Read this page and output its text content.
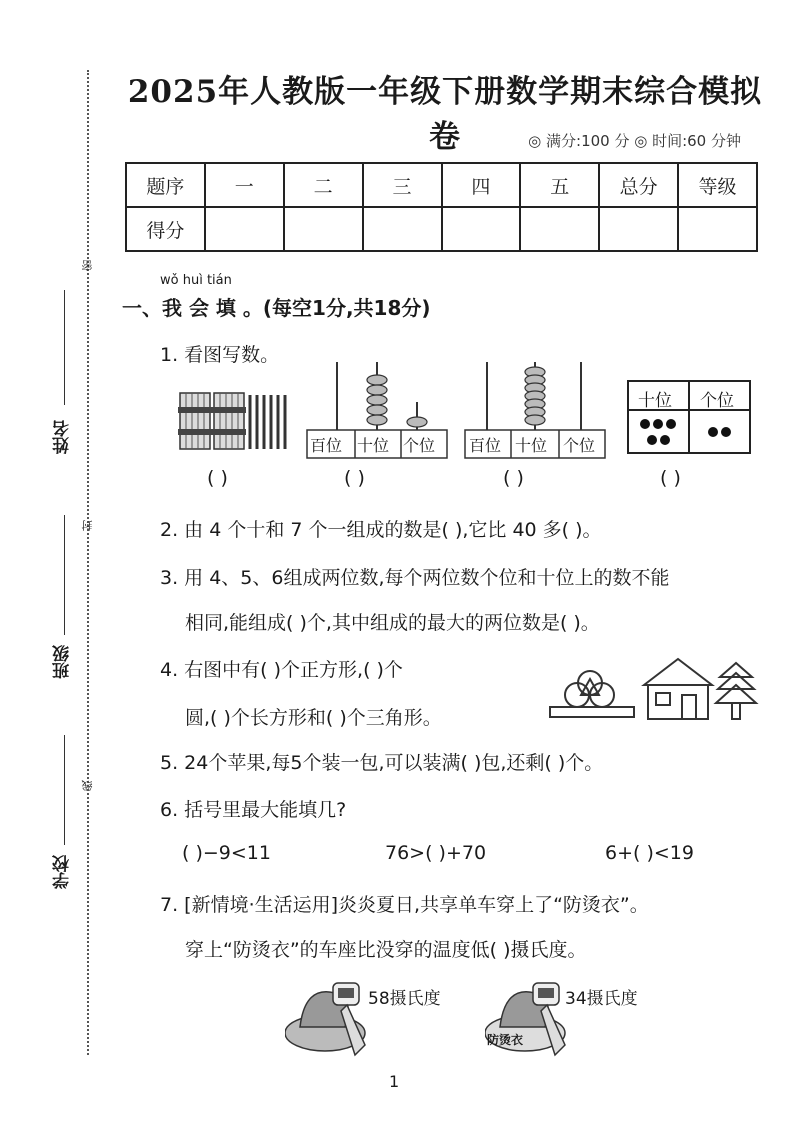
密
封
线
姓名
班级
学校
2025年人教版一年级下册数学期末综合模拟卷	◎ 满分:100 分 ◎ 时间:60 分钟
题序	一	二	三	四	五	总分	等级
得分							
wǒ huì tián
一、我 会 填 。(每空1分,共18分)
1. 看图写数。
百位 十位 个位 百位 十位 个位
十位 个位
( )	( )	( )	( )
2. 由 4 个十和 7 个一组成的数是( ),它比 40 多( )。
3. 用 4、5、6组成两位数,每个两位数个位和十位上的数不能
相同,能组成( )个,其中组成的最大的两位数是( )。
4. 右图中有( )个正方形,( )个
圆,( )个长方形和( )个三角形。
5. 24个苹果,每5个装一包,可以装满( )包,还剩( )个。
6. 括号里最大能填几?
( )−9<11	76>( )+70	6+( )<19
7. [新情境·生活运用]炎炎夏日,共享单车穿上了“防烫衣”。
穿上“防烫衣”的车座比没穿的温度低( )摄氏度。
58摄氏度
防烫衣
34摄氏度
1
